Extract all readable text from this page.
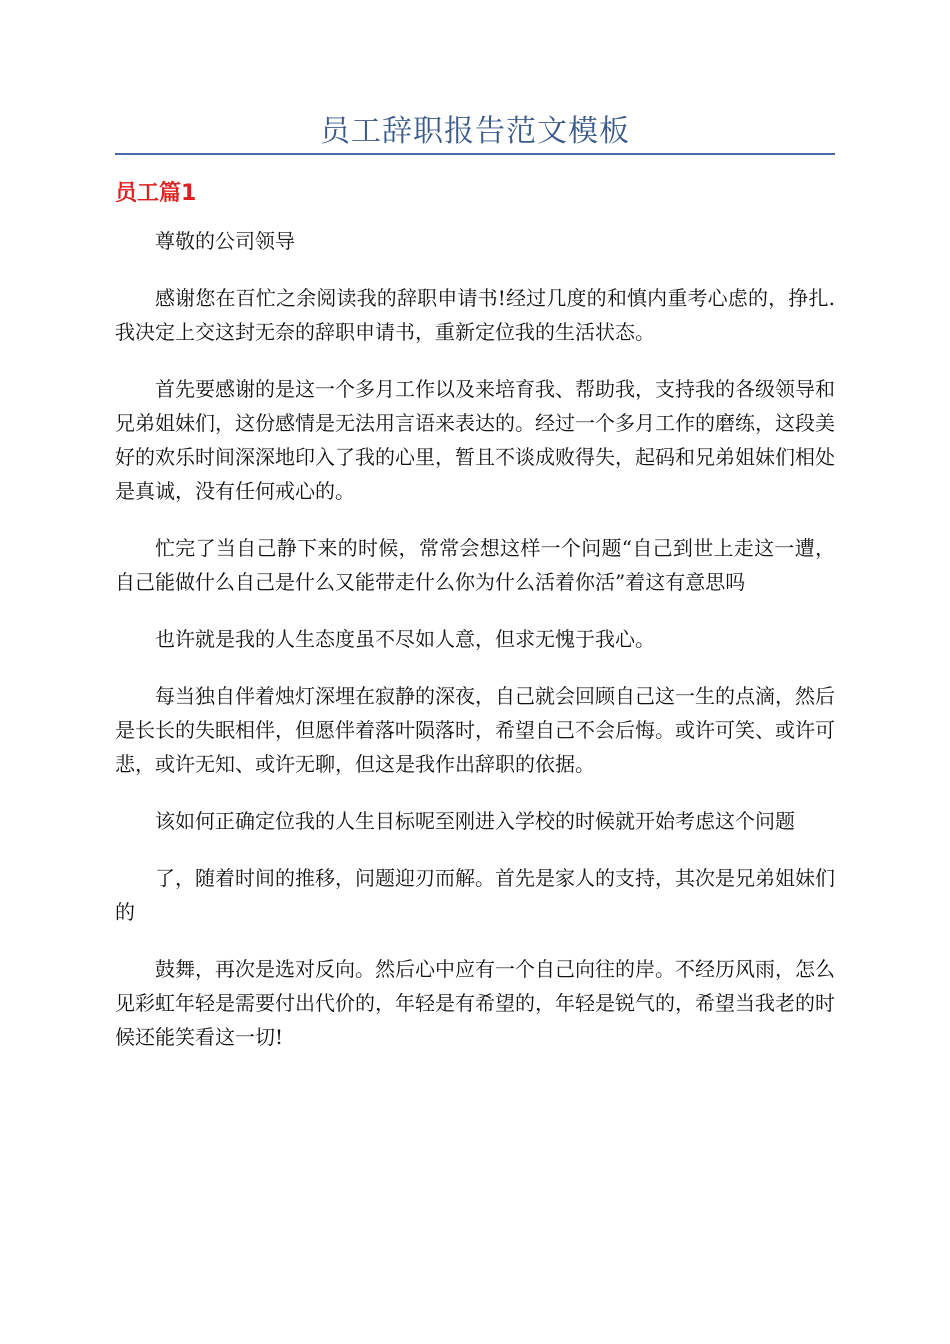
员工辞职报告范文模板
员工篇1

尊敬的公司领导

感谢您在百忙之余阅读我的辞职申请书!经过几度的和慎内重考心虑的，挣扎.我决定上交这封无奈的辞职申请书，重新定位我的生活状态。

首先要感谢的是这一个多月工作以及来培育我、帮助我，支持我的各级领导和兄弟姐妹们，这份感情是无法用言语来表达的。经过一个多月工作的磨练，这段美好的欢乐时间深深地印入了我的心里，暂且不谈成败得失，起码和兄弟姐妹们相处是真诚，没有任何戒心的。

忙完了当自己静下来的时候，常常会想这样一个问题“自己到世上走这一遭，自己能做什么自己是什么又能带走什么你为什么活着你活”着这有意思吗

也许就是我的人生态度虽不尽如人意，但求无愧于我心。

每当独自伴着烛灯深埋在寂静的深夜，自己就会回顾自己这一生的点滴，然后是长长的失眠相伴，但愿伴着落叶陨落时，希望自己不会后悔。或许可笑、或许可悲，或许无知、或许无聊，但这是我作出辞职的依据。

该如何正确定位我的人生目标呢至刚进入学校的时候就开始考虑这个问题

了，随着时间的推移，问题迎刃而解。首先是家人的支持，其次是兄弟姐妹们的

鼓舞，再次是选对反向。然后心中应有一个自己向往的岸。不经历风雨，怎么见彩虹年轻是需要付出代价的，年轻是有希望的，年轻是锐气的，希望当我老的时候还能笑看这一切!
